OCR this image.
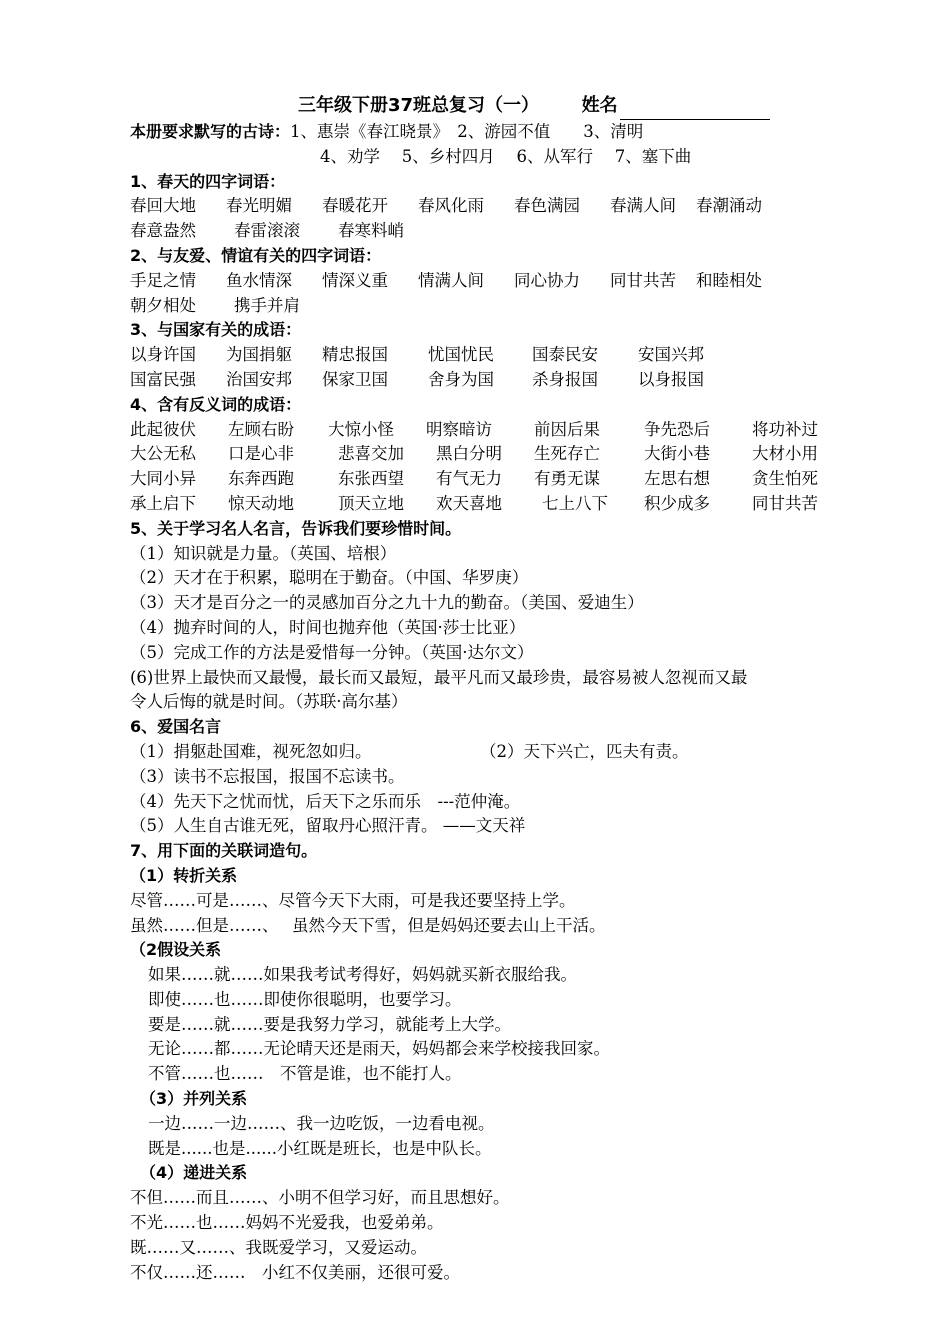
三年级下册37班总复习（一） 姓名
本册要求默写的古诗：1、惠崇《春江晓景》　2、游园不值　　3、清明
4、劝学　 5、乡村四月　 6、从军行　 7、塞下曲
1、春天的四字词语：
春回大地 春光明媚 春暖花开 春风化雨 春色满园 春满人间 春潮涌动
春意盎然 春雷滚滚 春寒料峭
2、与友爱、情谊有关的四字词语：
手足之情 鱼水情深 情深义重 情满人间 同心协力 同甘共苦 和睦相处
朝夕相处 携手并肩
3、与国家有关的成语：
以身许国 为国捐躯 精忠报国 忧国忧民 国泰民安 安国兴邦
国富民强 治国安邦 保家卫国 舍身为国 杀身报国 以身报国
4、含有反义词的成语：
此起彼伏 左顾右盼 大惊小怪 明察暗访	前因后果	争先恐后	将功补过
大公无私 口是心非	悲喜交加 黑白分明 生死存亡	大街小巷	大材小用
大同小异 东奔西跑	东张西望 有气无力 有勇无谋	左思右想	贪生怕死
承上启下 惊天动地	顶天立地 欢天喜地 七上八下 积少成多	同甘共苦
5、关于学习名人名言，告诉我们要珍惜时间。
（1）知识就是力量。（英国、培根）
（2）天才在于积累，聪明在于勤奋。（中国、华罗庚）
（3）天才是百分之一的灵感加百分之九十九的勤奋。（美国、爱迪生）
（4）抛弃时间的人，时间也抛弃他（英国·莎士比亚）
（5）完成工作的方法是爱惜每一分钟。（英国·达尔文）
(6)世界上最快而又最慢，最长而又最短，最平凡而又最珍贵，最容易被人忽视而又最
令人后悔的就是时间。（苏联·高尔基）
6、爱国名言
（1）捐躯赴国难，视死忽如归。	（2）天下兴亡，匹夫有责。
（3）读书不忘报国，报国不忘读书。
（4）先天下之忧而忧，后天下之乐而乐　---范仲淹。
（5）人生自古谁无死，留取丹心照汗青。 ——文天祥
7、用下面的关联词造句。
（1）转折关系
尽管……可是……、尽管今天下大雨，可是我还要坚持上学。
虽然……但是……、　 虽然今天下雪，但是妈妈还要去山上干活。
（2假设关系
如果……就……如果我考试考得好，妈妈就买新衣服给我。
即使……也……即使你很聪明，也要学习。
要是……就……要是我努力学习，就能考上大学。
无论……都……无论晴天还是雨天，妈妈都会来学校接我回家。
不管……也……　不管是谁，也不能打人。
（3）并列关系
一边……一边……、我一边吃饭，一边看电视。
既是......也是......小红既是班长，也是中队长。
（4）递进关系
不但……而且……、小明不但学习好，而且思想好。
不光……也……妈妈不光爱我，也爱弟弟。
既……又……、我既爱学习，又爱运动。
不仅……还……　小红不仅美丽，还很可爱。
